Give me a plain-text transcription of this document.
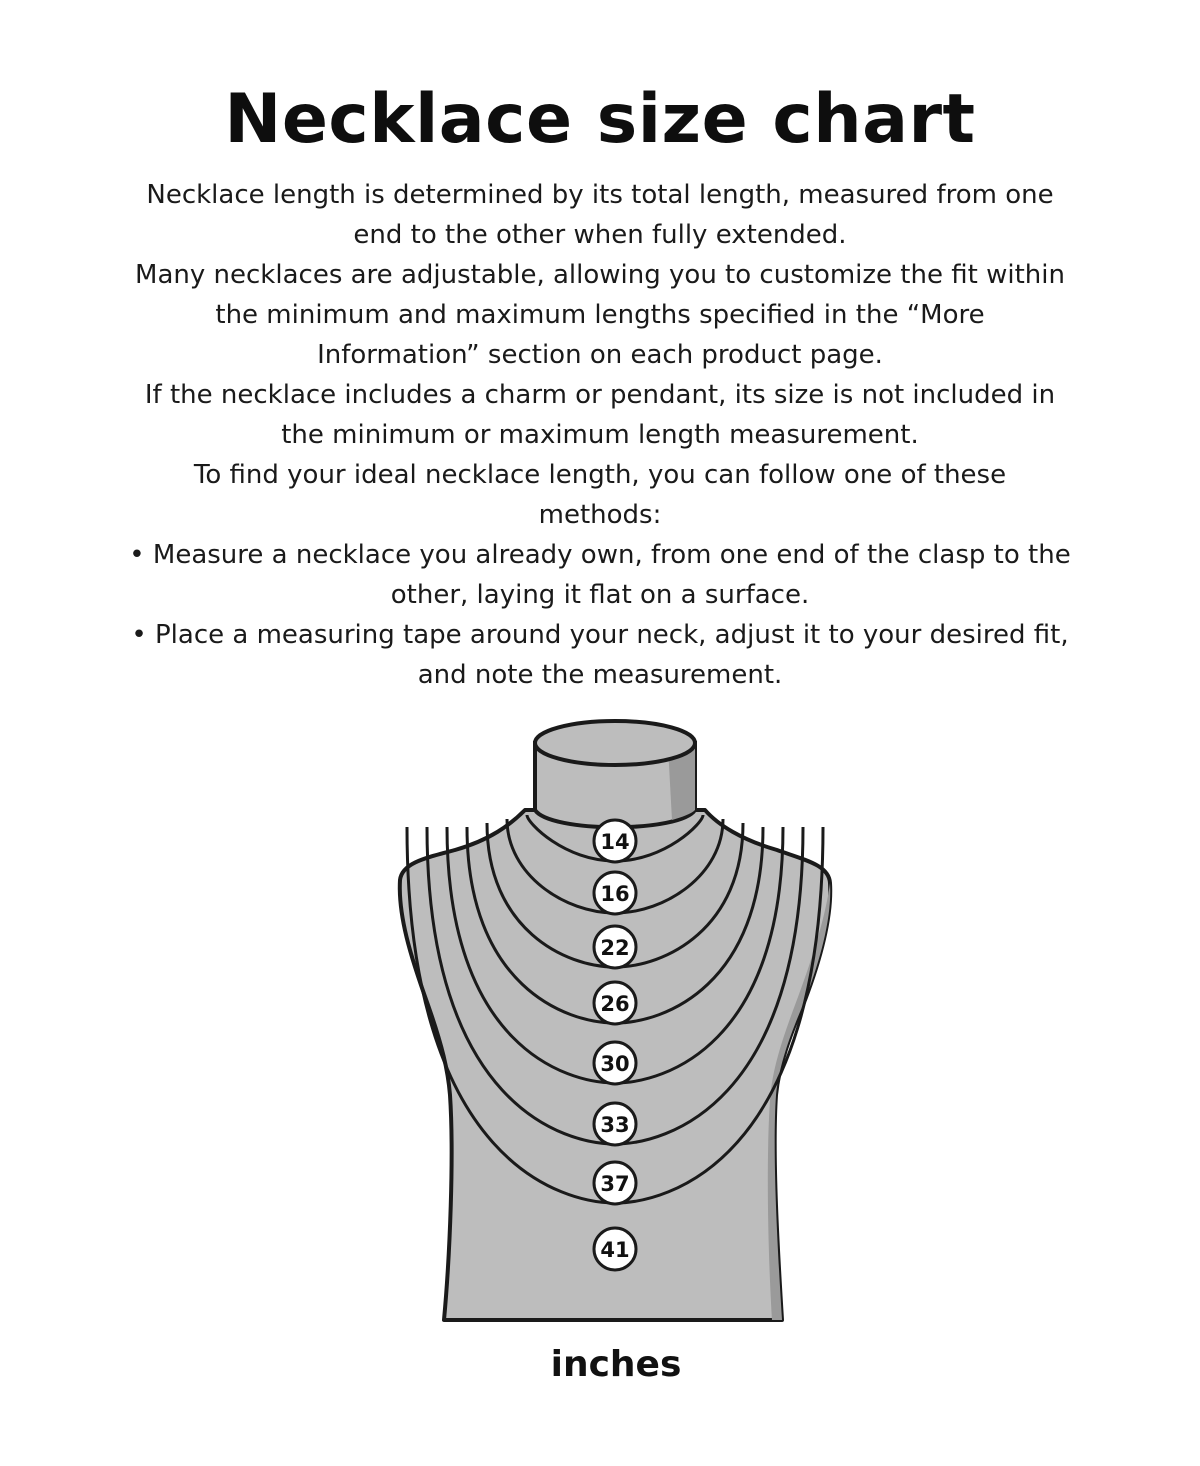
Necklace size chart
Necklace length is determined by its total length, measured from one
end to the other when fully extended.
Many necklaces are adjustable, allowing you to customize the fit within
the minimum and maximum lengths specified in the “More
Information” section on each product page.
If the necklace includes a charm or pendant, its size is not included in
the minimum or maximum length measurement.
To find your ideal necklace length, you can follow one of these
methods:
• Measure a necklace you already own, from one end of the clasp to the
other, laying it flat on a surface.
• Place a measuring tape around your neck, adjust it to your desired fit,
and note the measurement.
14
16
22
26
30
33
37
41
inches
